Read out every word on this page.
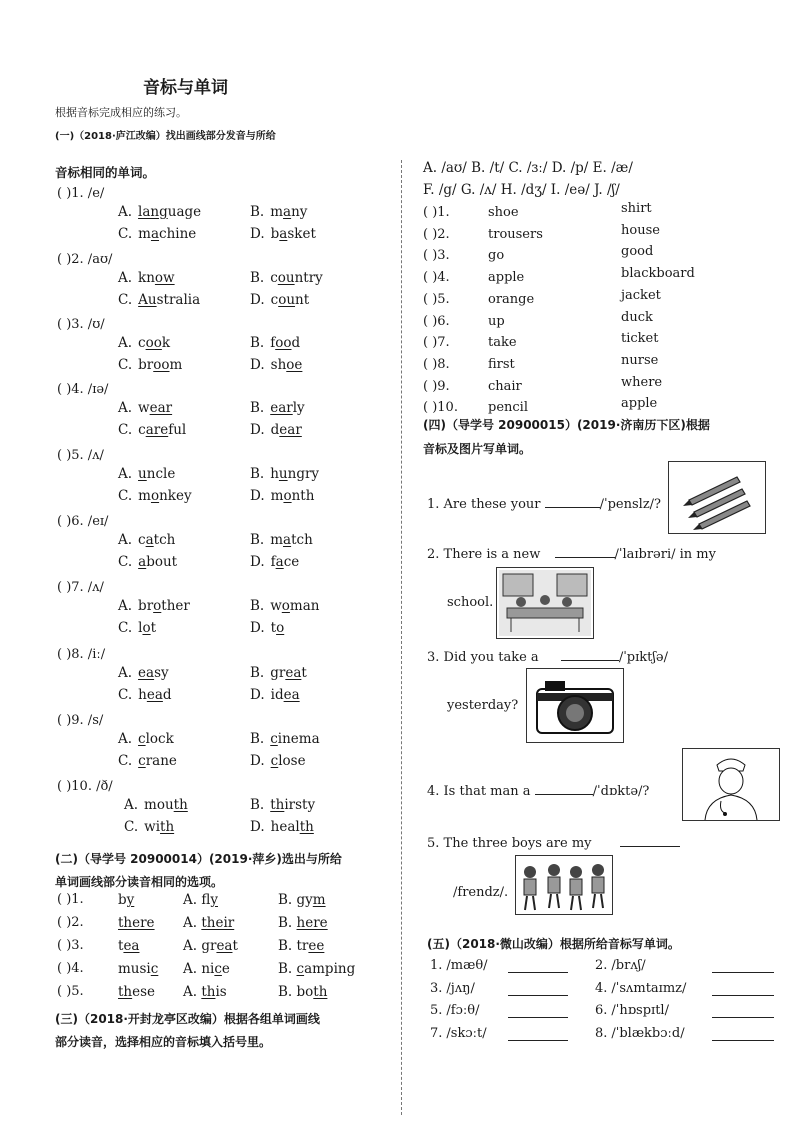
音标与单词
根据音标完成相应的练习。
(一)（2018·庐江改编）找出画线部分发音与所给
音标相同的单词。
( )1. /e/
A. language	B. many
C. machine	D. basket
( )2. /aʊ/
A. know	B. country
C. Australia	D. count
( )3. /ʊ/
A. cook	B. food
C. broom	D. shoe
( )4. /ɪə/
A. wear	B. early
C. careful	D. dear
( )5. /ʌ/
A. uncle	B. hungry
C. monkey	D. month
( )6. /eɪ/
A. catch	B. match
C. about	D. face
( )7. /ʌ/
A. brother	B. woman
C. lot	D. to
( )8. /iː/
A. easy	B. great
C. head	D. idea
( )9. /s/
A. clock	B. cinema
C. crane	D. close
( )10. /ð/
A. mouth	B. thirsty
C. with	D. health
(二)（导学号 20900014）(2019·萍乡)选出与所给
单词画线部分读音相同的选项。
( )1.	by	A. fly	B. gym
( )2.	there A. their	B. here
( )3.	tea	A. great	B. tree
( )4.	music A. nice	B. camping
( )5.	these A. this	B. both
(三)（2018·开封龙亭区改编）根据各组单词画线
部分读音，选择相应的音标填入括号里。
A. /aʊ/ B. /t/ C. /ɜː/ D. /p/ E. /æ/
F. /g/ G. /ʌ/ H. /dʒ/ I. /eə/ J. /ʃ/
( )1.	shoe	shirt
( )2.	trousers	house
( )3.	go	good
( )4.	apple	blackboard
( )5.	orange	jacket
( )6.	up	duck
( )7.	take	ticket
( )8.	first	nurse
( )9.	chair	where
( )10. pencil	apple
(四)（导学号 20900015）(2019·济南历下区)根据
音标及图片写单词。
1. Are these your	/ˈpenslz/?
2. There is a new	/ˈlaɪbrəri/ in my
school.
3. Did you take a	/ˈpɪktʃə/
yesterday?
4. Is that man a	/ˈdɒktə/?
5. The three boys are my
/frendz/.
(五)（2018·微山改编）根据所给音标写单词。
1. /mæθ/	2. /brʌʃ/
3. /jʌŋ/	4. /ˈsʌmtaɪmz/
5. /fɔːθ/	6. /ˈhɒspɪtl/
7. /skɔːt/	8. /ˈblækbɔːd/
